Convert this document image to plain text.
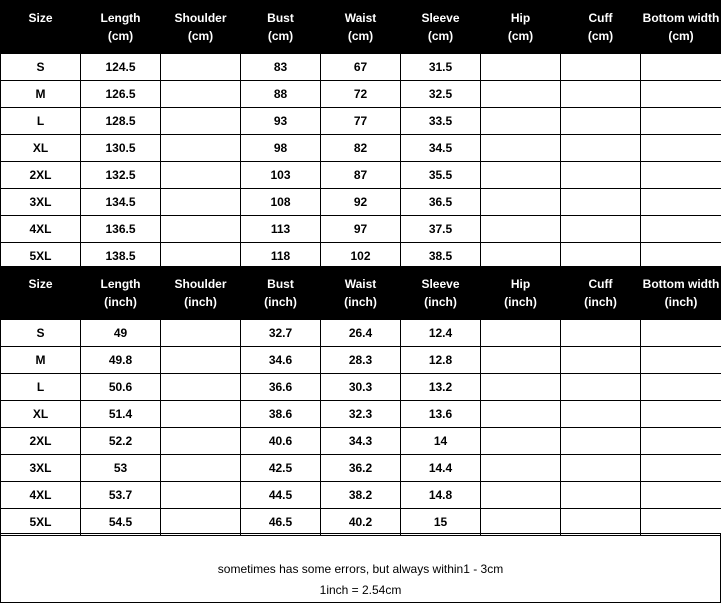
Size	Length	Shoulder	Bust	Waist	Sleeve	Hip	Cuff	Bottom width
	(cm)	(cm)	(cm)	(cm)	(cm)	(cm)	(cm)	(cm)
S	124.5		83	67	31.5			
M	126.5		88	72	32.5			
L	128.5		93	77	33.5			
XL	130.5		98	82	34.5			
2XL	132.5		103	87	35.5			
3XL	134.5		108	92	36.5			
4XL	136.5		113	97	37.5			
5XL	138.5		118	102	38.5			
Size	Length	Shoulder	Bust	Waist	Sleeve	Hip	Cuff	Bottom width
	(inch)	(inch)	(inch)	(inch)	(inch)	(inch)	(inch)	(inch)
S	49		32.7	26.4	12.4			
M	49.8		34.6	28.3	12.8			
L	50.6		36.6	30.3	13.2			
XL	51.4		38.6	32.3	13.6			
2XL	52.2		40.6	34.3	14			
3XL	53		42.5	36.2	14.4			
4XL	53.7		44.5	38.2	14.8			
5XL	54.5		46.5	40.2	15			
sometimes has some errors, but always within1 - 3cm
1inch = 2.54cm
